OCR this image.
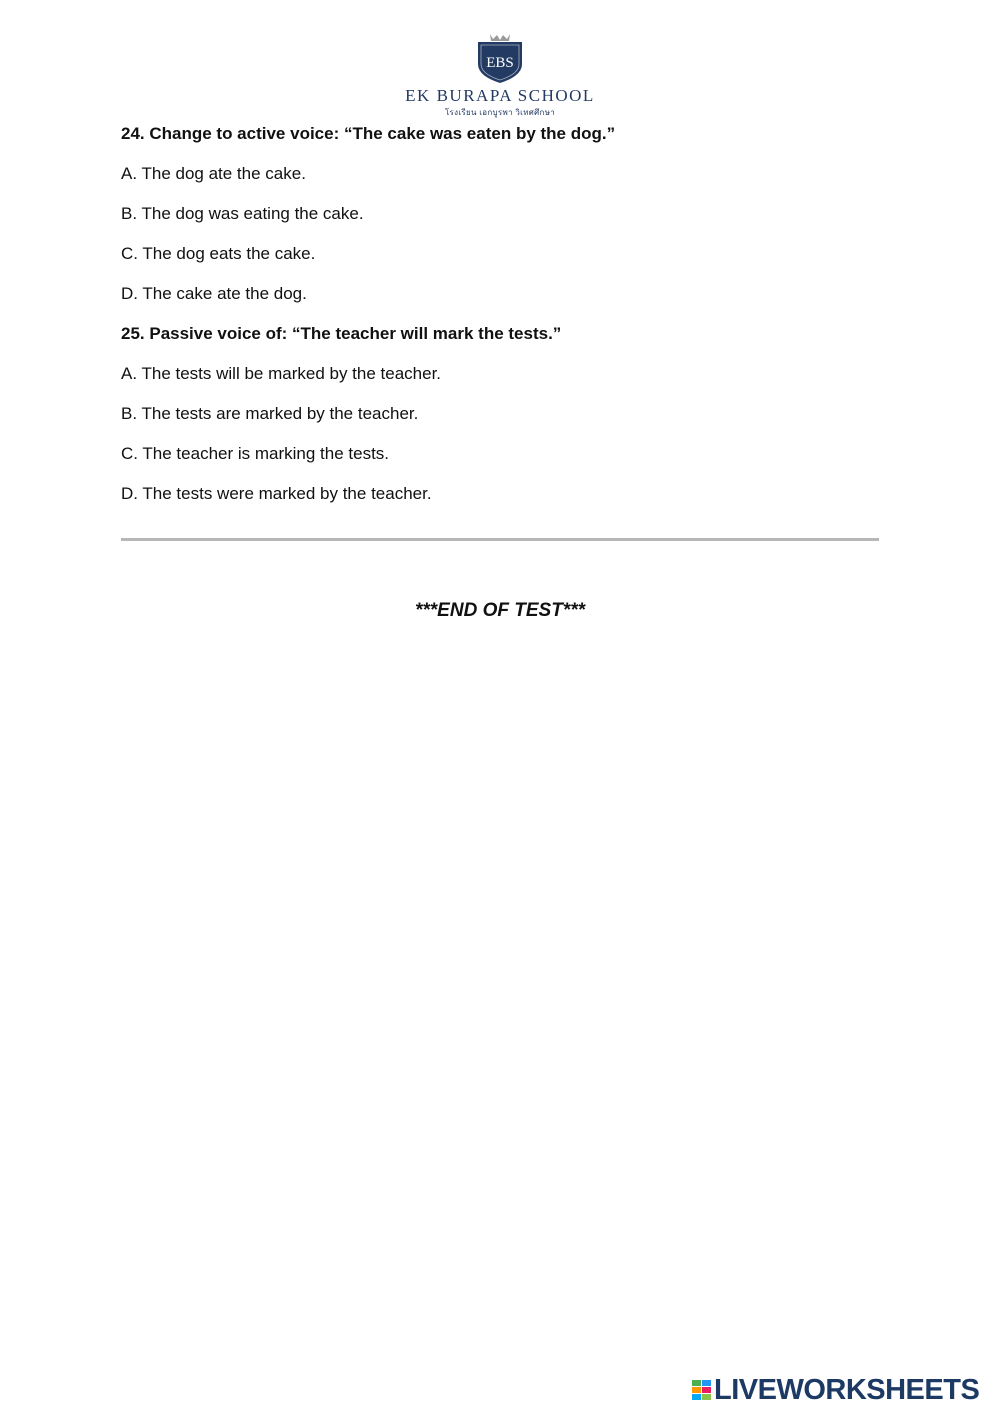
EBS
EK BURAPA SCHOOL
โรงเรียน เอกบูรพา วิเทศศึกษา
24. Change to active voice: “The cake was eaten by the dog.”
A. The dog ate the cake.
B. The dog was eating the cake.
C. The dog eats the cake.
D. The cake ate the dog.
25. Passive voice of: “The teacher will mark the tests.”
A. The tests will be marked by the teacher.
B. The tests are marked by the teacher.
C. The teacher is marking the tests.
D. The tests were marked by the teacher.
***END OF TEST***
LIVEWORKSHEETS
